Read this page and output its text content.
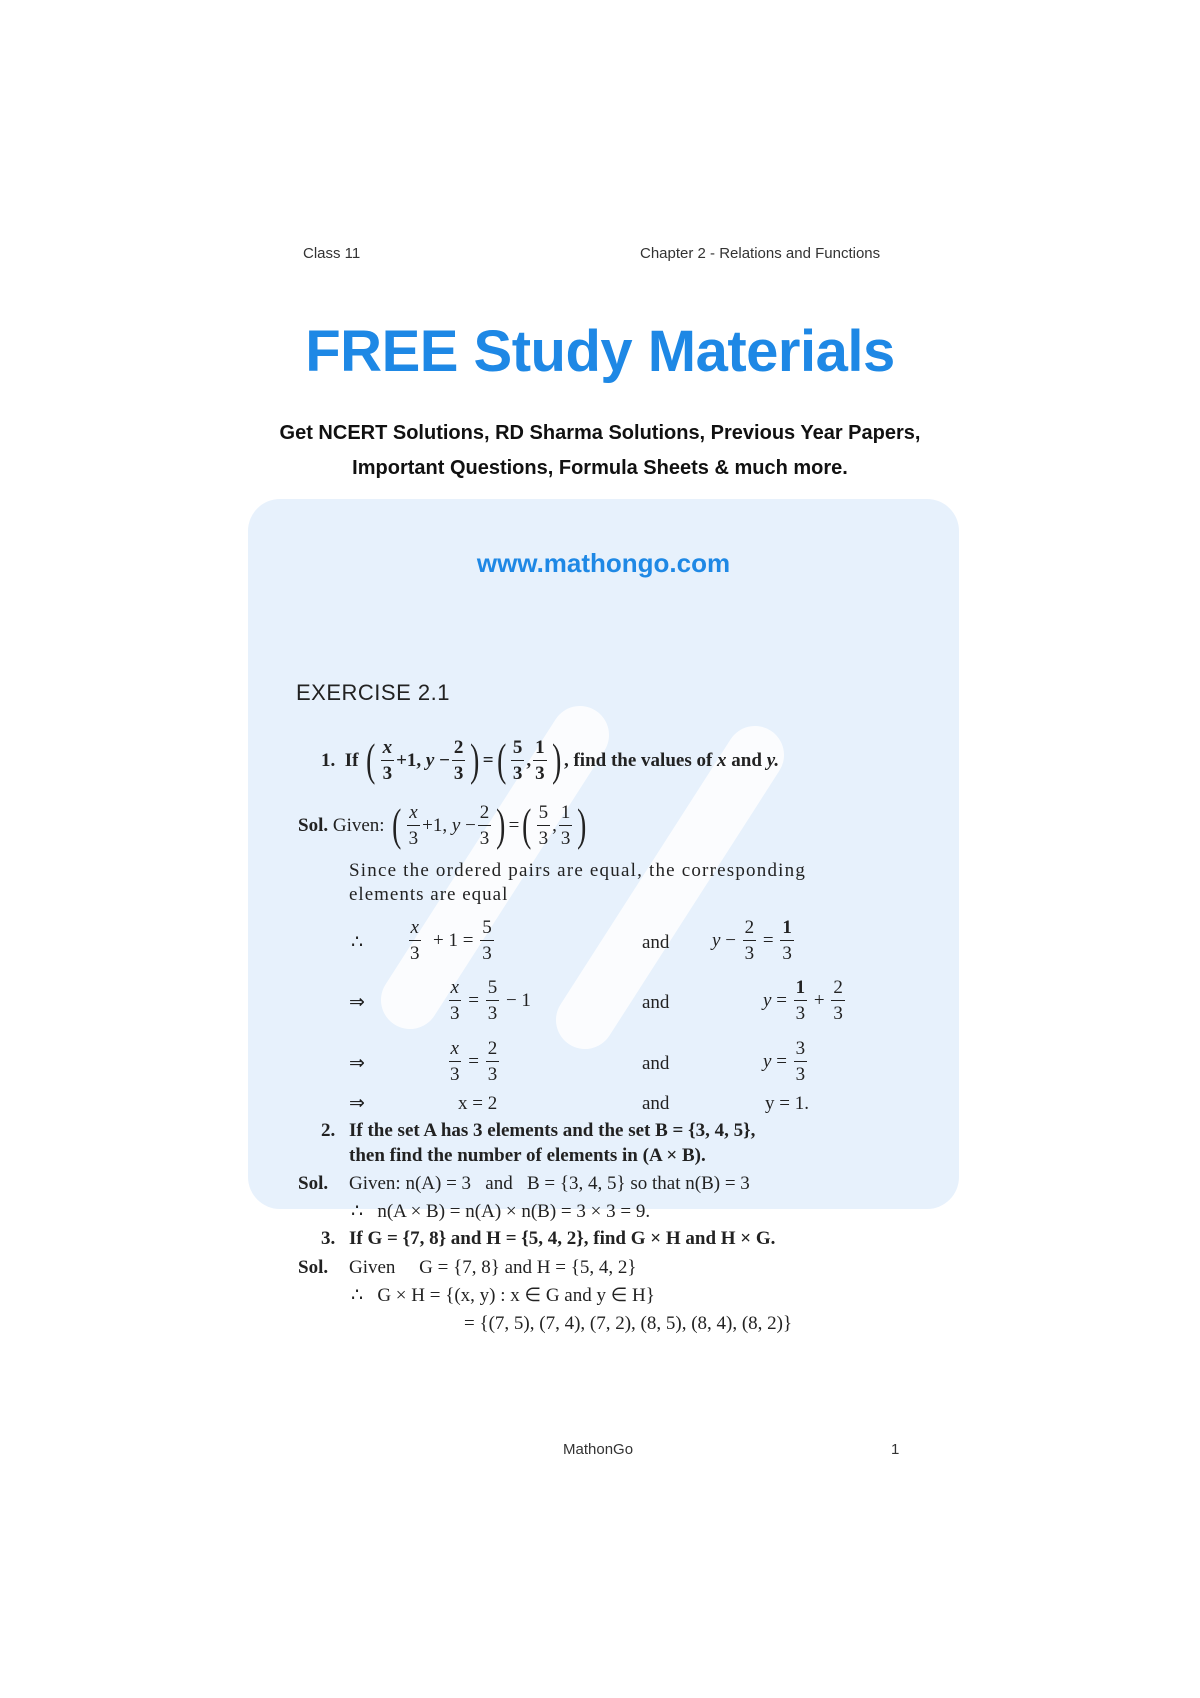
Class 11	Chapter 2 - Relations and Functions
FREE Study Materials
Get NCERT Solutions, RD Sharma Solutions, Previous Year Papers,
Important Questions, Formula Sheets & much more.
www.mathongo.com
EXERCISE 2.1
1.
If
( $\frac{x}{3} +1$, $y - \frac{2}{3}$ ) = ( $\frac{5}{3}$ , $\frac{1}{3}$ ) , find the values of
x
and
y.
Sol.
Given:
( $\frac{x}{3} +1$, $y - \frac{2}{3}$ ) = ( $\frac{5}{3}$ , $\frac{1}{3}$ )
Since the ordered pairs are equal, the corresponding
elements are equal
∴ $\frac{x}{3} + 1 = \frac{5}{3}$	and $y - \frac{2}{3} = \frac{1}{3}$
⇒	$\frac{x}{3} = \frac{5}{3} - 1$	and	$y = \frac{1}{3} + \frac{2}{3}$
⇒	$\frac{x}{3} = \frac{2}{3}$	and	$y = \frac{3}{3}$
⇒	x = 2	and	y = 1.
2. If the set A has 3 elements and the set B = {3, 4, 5},
then find the number of elements in (A × B).
Sol. Given: n(A) = 3   and   B = {3, 4, 5} so that n(B) = 3
∴   n(A × B) = n(A) × n(B) = 3 × 3 = 9.
3. If G = {7, 8} and H = {5, 4, 2}, find G × H and H × G.
Sol. Given     G = {7, 8} and H = {5, 4, 2}
∴   G × H = {(x, y) : x ∈ G and y ∈ H}
= {(7, 5), (7, 4), (7, 2), (8, 5), (8, 4), (8, 2)}
MathonGo	1
